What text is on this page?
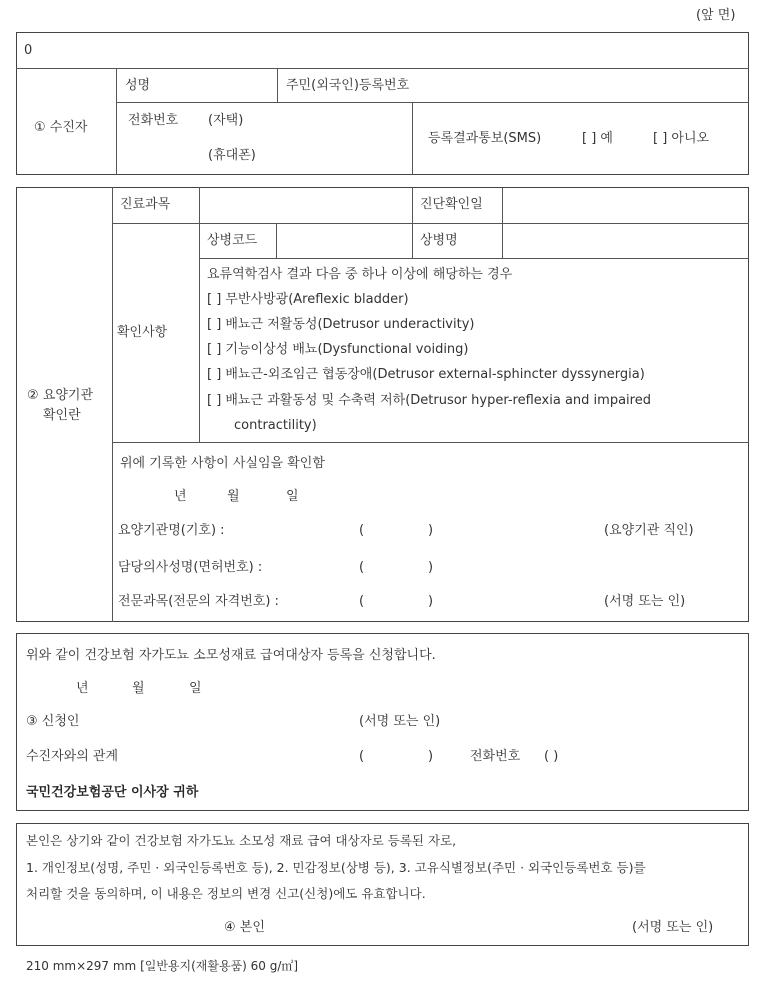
(앞 면)
0
① 수진자
성명	주민(외국인)등록번호
전화번호 (자택)
(휴대폰)
등록결과통보(SMS)	[ ] 예	[ ] 아니오
② 요양기관
확인란
진료과목	진단확인일
상병코드	상병명
확인사항
요류역학검사 결과 다음 중 하나 이상에 해당하는 경우
[ ] 무반사방광(Areflexic bladder)
[ ] 배뇨근 저활동성(Detrusor underactivity)
[ ] 기능이상성 배뇨(Dysfunctional voiding)
[ ] 배뇨근-외조임근 협동장애(Detrusor external-sphincter dyssynergia)
[ ] 배뇨근 과활동성 및 수축력 저하(Detrusor hyper-reflexia and impaired
contractility)
위에 기록한 사항이 사실임을 확인함
년	월	일
요양기관명(기호) :	(	)	(요양기관 직인)
담당의사성명(면허번호) :	(	)
전문과목(전문의 자격번호) :	(	)	(서명 또는 인)
위와 같이 건강보험 자가도뇨 소모성재료 급여대상자 등록을 신청합니다.
년	월	일
③ 신청인	(서명 또는 인)
수진자와의 관계	(	)	전화번호 ( )
국민건강보험공단 이사장 귀하
본인은 상기와 같이 건강보험 자가도뇨 소모성 재료 급여 대상자로 등록된 자로,
1. 개인정보(성명, 주민 · 외국인등록번호 등), 2. 민감정보(상병 등), 3. 고유식별정보(주민 · 외국인등록번호 등)를
처리할 것을 동의하며, 이 내용은 정보의 변경 신고(신청)에도 유효합니다.
④ 본인	(서명 또는 인)
210 mm×297 mm [일반용지(재활용품) 60 g/㎡]
